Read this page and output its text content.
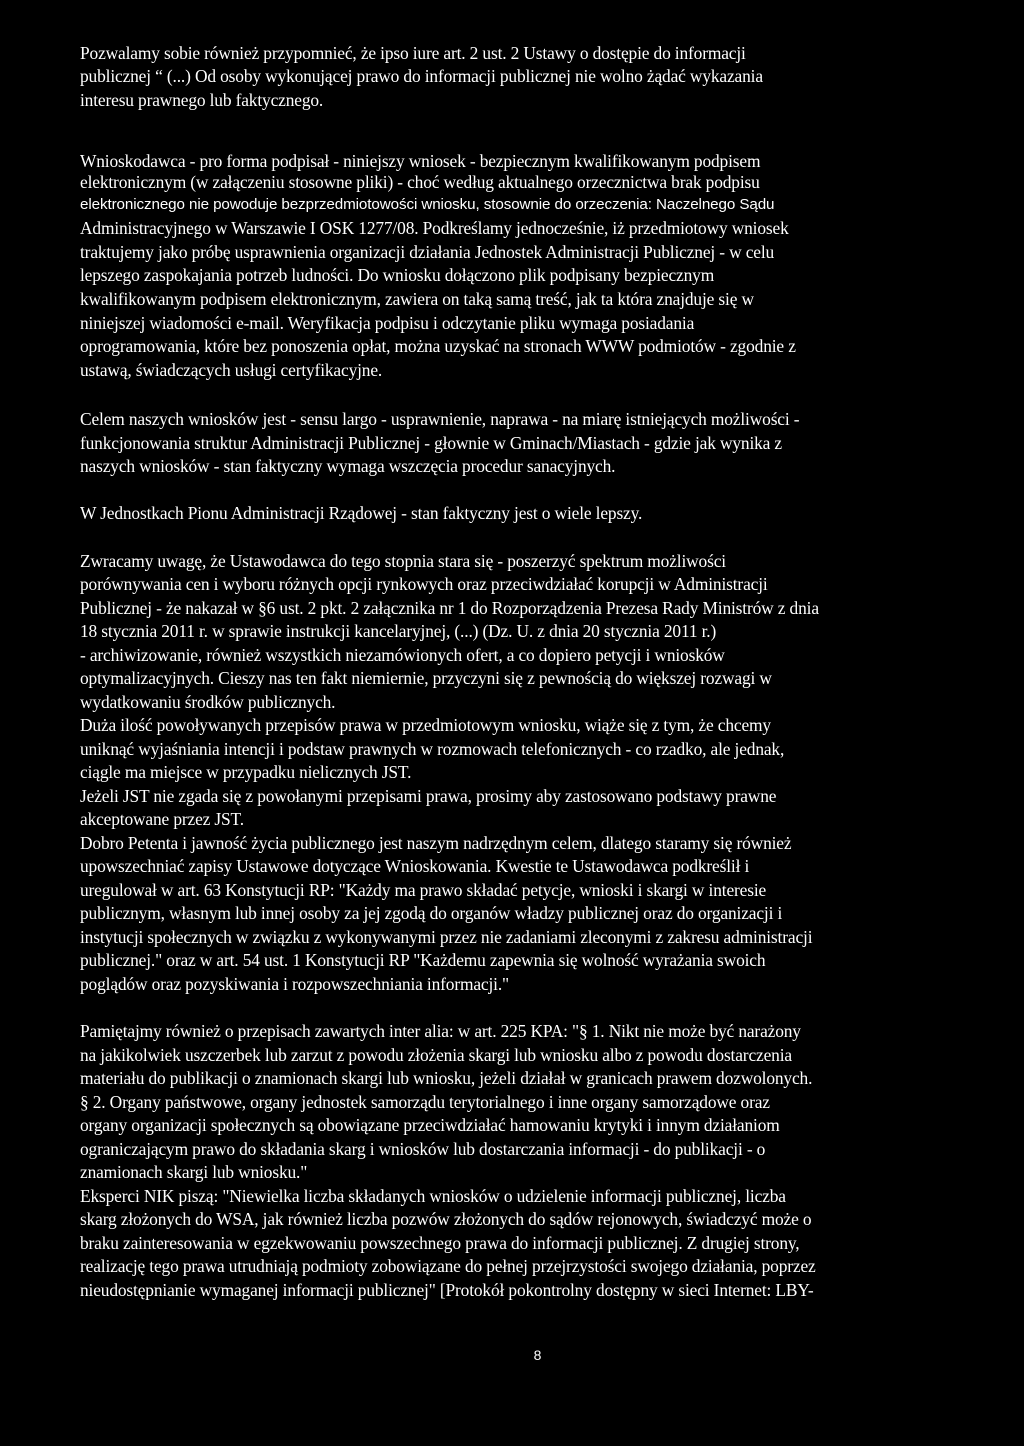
Pozwalamy sobie również przypomnieć, że ipso iure art. 2 ust. 2 Ustawy o dostępie do informacji
publicznej “ (...) Od osoby wykonującej prawo do informacji publicznej nie wolno żądać wykazania
interesu prawnego lub faktycznego.
Wnioskodawca - pro forma podpisał - niniejszy wniosek - bezpiecznym kwalifikowanym podpisem
elektronicznym (w załączeniu stosowne pliki) - choć według aktualnego orzecznictwa brak podpisu
elektronicznego nie powoduje bezprzedmiotowości wniosku, stosownie do orzeczenia: Naczelnego Sądu
Administracyjnego w Warszawie I OSK 1277/08. Podkreślamy jednocześnie, iż przedmiotowy wniosek
traktujemy jako próbę usprawnienia organizacji działania Jednostek Administracji Publicznej - w celu
lepszego zaspokajania potrzeb ludności. Do wniosku dołączono plik podpisany bezpiecznym
kwalifikowanym podpisem elektronicznym, zawiera on taką samą treść, jak ta która znajduje się w
niniejszej wiadomości e-mail. Weryfikacja podpisu i odczytanie pliku wymaga posiadania
oprogramowania, które bez ponoszenia opłat, można uzyskać na stronach WWW podmiotów - zgodnie z
ustawą, świadczących usługi certyfikacyjne.
Celem naszych wniosków jest - sensu largo - usprawnienie, naprawa - na miarę istniejących możliwości -
funkcjonowania struktur Administracji Publicznej - głownie w Gminach/Miastach - gdzie jak wynika z
naszych wniosków - stan faktyczny wymaga wszczęcia procedur sanacyjnych.
W Jednostkach Pionu Administracji Rządowej - stan faktyczny jest o wiele lepszy.
Zwracamy uwagę, że Ustawodawca do tego stopnia stara się - poszerzyć spektrum możliwości
porównywania cen i wyboru różnych opcji rynkowych oraz przeciwdziałać korupcji w Administracji
Publicznej - że nakazał w §6 ust. 2 pkt. 2 załącznika nr 1 do Rozporządzenia Prezesa Rady Ministrów z dnia
18 stycznia 2011 r. w sprawie instrukcji kancelaryjnej, (...) (Dz. U. z dnia 20 stycznia 2011 r.)
- archiwizowanie, również wszystkich niezamówionych ofert, a co dopiero petycji i wniosków
optymalizacyjnych. Cieszy nas ten fakt niemiernie, przyczyni się z pewnością do większej rozwagi w
wydatkowaniu środków publicznych.
Duża ilość powoływanych przepisów prawa w przedmiotowym wniosku, wiąże się z tym, że chcemy
uniknąć wyjaśniania intencji i podstaw prawnych w rozmowach telefonicznych - co rzadko, ale jednak,
ciągle ma miejsce w przypadku nielicznych JST.
Jeżeli JST nie zgada się z powołanymi przepisami prawa, prosimy aby zastosowano podstawy prawne
akceptowane przez JST.
Dobro Petenta i jawność życia publicznego jest naszym nadrzędnym celem, dlatego staramy się również
upowszechniać zapisy Ustawowe dotyczące Wnioskowania. Kwestie te Ustawodawca podkreślił i
uregulował w art. 63 Konstytucji RP: "Każdy ma prawo składać petycje, wnioski i skargi w interesie
publicznym, własnym lub innej osoby za jej zgodą do organów władzy publicznej oraz do organizacji i
instytucji społecznych w związku z wykonywanymi przez nie zadaniami zleconymi z zakresu administracji
publicznej." oraz w art. 54 ust. 1 Konstytucji RP "Każdemu zapewnia się wolność wyrażania swoich
poglądów oraz pozyskiwania i rozpowszechniania informacji."
Pamiętajmy również o przepisach zawartych inter alia: w art. 225 KPA: "§ 1. Nikt nie może być narażony
na jakikolwiek uszczerbek lub zarzut z powodu złożenia skargi lub wniosku albo z powodu dostarczenia
materiału do publikacji o znamionach skargi lub wniosku, jeżeli działał w granicach prawem dozwolonych.
§ 2. Organy państwowe, organy jednostek samorządu terytorialnego i inne organy samorządowe oraz
organy organizacji społecznych są obowiązane przeciwdziałać hamowaniu krytyki i innym działaniom
ograniczającym prawo do składania skarg i wniosków lub dostarczania informacji - do publikacji - o
znamionach skargi lub wniosku."
Eksperci NIK piszą: "Niewielka liczba składanych wniosków o udzielenie informacji publicznej, liczba
skarg złożonych do WSA, jak również liczba pozwów złożonych do sądów rejonowych, świadczyć może o
braku zainteresowania w egzekwowaniu powszechnego prawa do informacji publicznej. Z drugiej strony,
realizację tego prawa utrudniają podmioty zobowiązane do pełnej przejrzystości swojego działania, poprzez
nieudostępnianie wymaganej informacji publicznej" [Protokół pokontrolny dostępny w sieci Internet: LBY-
8
